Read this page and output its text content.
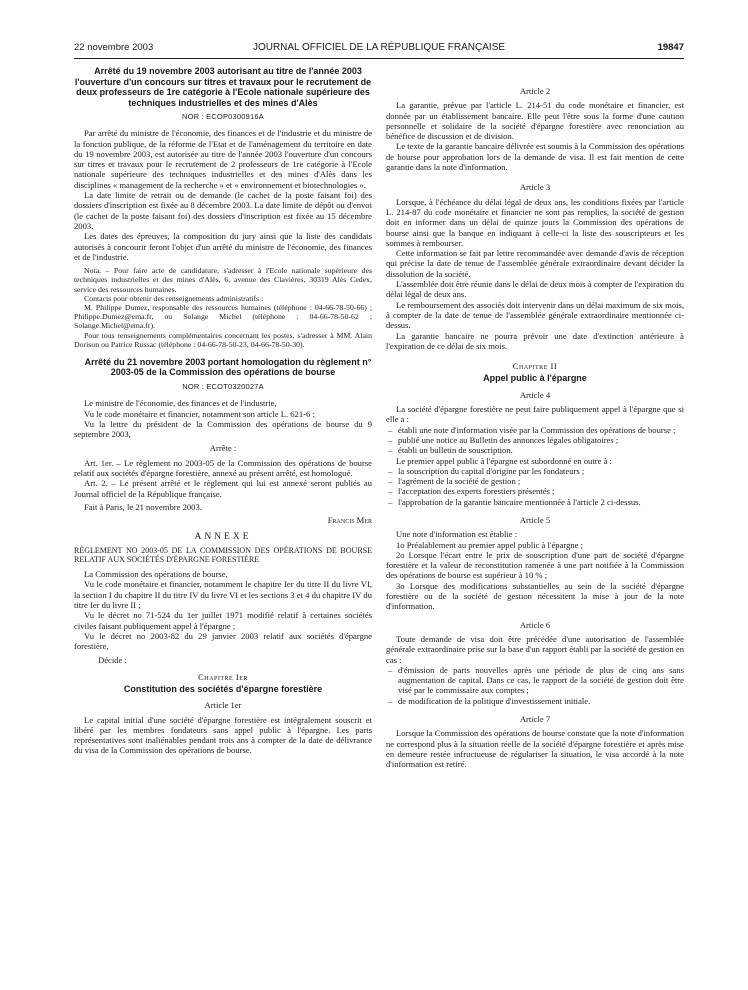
22 novembre 2003	JOURNAL OFFICIEL DE LA RÉPUBLIQUE FRANÇAISE	19847

Arrêté du 19 novembre 2003 autorisant au titre de l'année 2003 l'ouverture d'un concours sur titres et travaux pour le recrutement de deux professeurs de 1re catégorie à l'Ecole nationale supérieure des techniques industrielles et des mines d'Alès

NOR : ECOP0300916A

Par arrêté du ministre de l'économie, des finances et de l'industrie et du ministre de la fonction publique, de la réforme de l'Etat et de l'aménagement du territoire en date du 19 novembre 2003, est autorisée au titre de l'année 2003 l'ouverture d'un concours sur titres et travaux pour le recrutement de 2 professeurs de 1re catégorie à l'Ecole nationale supérieure des techniques industrielles et des mines d'Alès dans les disciplines « management de la recherche » et « environnement et biotechnologies ».

La date limite de retrait ou de demande (le cachet de la poste faisant foi) des dossiers d'inscription est fixée au 8 décembre 2003. La date limite de dépôt ou d'envoi (le cachet de la poste faisant foi) des dossiers d'inscription est fixée au 15 décembre 2003.

Les dates des épreuves, la composition du jury ainsi que la liste des candidats autorisés à concourir feront l'objet d'un arrêté du ministre de l'économie, des finances et de l'industrie.

Nota. – Pour faire acte de candidature, s'adresser à l'Ecole nationale supérieure des techniques industrielles et des mines d'Alès, 6, avenue des Clavières, 30319 Alès Cedex, service des ressources humaines.

Contacts pour obtenir des renseignements administratifs :

M. Philippe Dumez, responsable des ressources humaines (téléphone : 04-66-78-50-66) ; Philippe.Dumez@ema.fr, ou Solange Michel (téléphone : 04-66-78-50-62 ; Solange.Michel@ema.fr).

Pour tous renseignements complémentaires concernant les postes, s'adresser à MM. Alain Dorison ou Patrice Russac (téléphone : 04-66-78-50-23, 04-66-78-50-30).

Arrêté du 21 novembre 2003 portant homologation du règlement n° 2003-05 de la Commission des opérations de bourse

NOR : ECOT0320027A

Le ministre de l'économie, des finances et de l'industrie,

Vu le code monétaire et financier, notamment son article L. 621-6 ;

Vu la lettre du président de la Commission des opérations de bourse du 9 septembre 2003,

Arrête :

Art. 1er. – Le règlement no 2003-05 de la Commission des opérations de bourse relatif aux sociétés d'épargne forestière, annexé au présent arrêté, est homologué.

Art. 2. – Le présent arrêté et le règlement qui lui est annexé seront publiés au Journal officiel de la République française.

Fait à Paris, le 21 novembre 2003.

Francis Mer

ANNEXE

RÈGLEMENT NO 2003-05 DE LA COMMISSION DES OPÉRATIONS DE BOURSE RELATIF AUX SOCIÉTÉS D'ÉPARGNE FORESTIÈRE

La Commission des opérations de bourse,

Vu le code monétaire et financier, notamment le chapitre Ier du titre II du livre VI, la section I du chapitre II du titre IV du livre VI et les sections 3 et 4 du chapitre IV du titre Ier du livre II ;

Vu le décret no 71-524 du 1er juillet 1971 modifié relatif à certaines sociétés civiles faisant publiquement appel à l'épargne ;

Vu le décret no 2003-82 du 29 janvier 2003 relatif aux sociétés d'épargne forestière,

Décide :

Chapitre Ier

Constitution des sociétés d'épargne forestière

Article 1er

Le capital initial d'une société d'épargne forestière est intégralement souscrit et libéré par les membres fondateurs sans appel public à l'épargne. Les parts représentatives sont inaliénables pendant trois ans à compter de la date de délivrance du visa de la Commission des opérations de bourse.

Article 2

La garantie, prévue par l'article L. 214-51 du code monétaire et financier, est donnée par un établissement bancaire. Elle peut l'être sous la forme d'une caution personnelle et solidaire de la société d'épargne forestière avec renonciation au bénéfice de discussion et de division.

Le texte de la garantie bancaire délivrée est soumis à la Commission des opérations de bourse pour approbation lors de la demande de visa. Il est fait mention de cette garantie dans la note d'information.

Article 3

Lorsque, à l'échéance du délai légal de deux ans, les conditions fixées par l'article L. 214-87 du code monétaire et financier ne sont pas remplies, la société de gestion doit en informer dans un délai de quinze jours la Commission des opérations de bourse ainsi que la banque en indiquant à celle-ci la liste des souscripteurs et les sommes à rembourser.

Cette information se fait par lettre recommandée avec demande d'avis de réception qui précise la date de tenue de l'assemblée générale extraordinaire devant décider la dissolution de la société.

L'assemblée doit être réunie dans le délai de deux mois à compter de l'expiration du délai légal de deux ans.

Le remboursement des associés doit intervenir dans un délai maximum de six mois, à compter de la date de tenue de l'assemblée générale extraordinaire mentionnée ci-dessus.

La garantie bancaire ne pourra prévoir une date d'extinction antérieure à l'expiration de ce délai de six mois.

Chapitre II

Appel public à l'épargne

Article 4

La société d'épargne forestière ne peut faire publiquement appel à l'épargne que si elle a :

– établi une note d'information visée par la Commission des opérations de bourse ;

– publié une notice au Bulletin des annonces légales obligatoires ;

– établi un bulletin de souscription.

Le premier appel public à l'épargne est subordonné en outre à :

– la souscription du capital d'origine par les fondateurs ;

– l'agrément de la société de gestion ;

– l'acceptation des experts forestiers présentés ;

– l'approbation de la garantie bancaire mentionnée à l'article 2 ci-dessus.

Article 5

Une note d'information est établie :

1o Préalablement au premier appel public à l'épargne ;

2o Lorsque l'écart entre le prix de souscription d'une part de société d'épargne forestière et la valeur de reconstitution ramenée à une part notifiée à la Commission des opérations de bourse est supérieur à 10 % ;

3o Lorsque des modifications substantielles au sein de la société d'épargne forestière ou de la société de gestion nécessitent la mise à jour de la note d'information.

Article 6

Toute demande de visa doit être précédée d'une autorisation de l'assemblée générale extraordinaire prise sur la base d'un rapport établi par la société de gestion en cas :

– d'émission de parts nouvelles après une période de plus de cinq ans sans augmentation de capital. Dans ce cas, le rapport de la société de gestion doit être visé par le commissaire aux comptes ;

– de modification de la politique d'investissement initiale.

Article 7

Lorsque la Commission des opérations de bourse constate que la note d'information ne correspond plus à la situation réelle de la société d'épargne forestière et après mise en demeure restée infructueuse de régulariser la situation, le visa accordé à la note d'information est retiré.
